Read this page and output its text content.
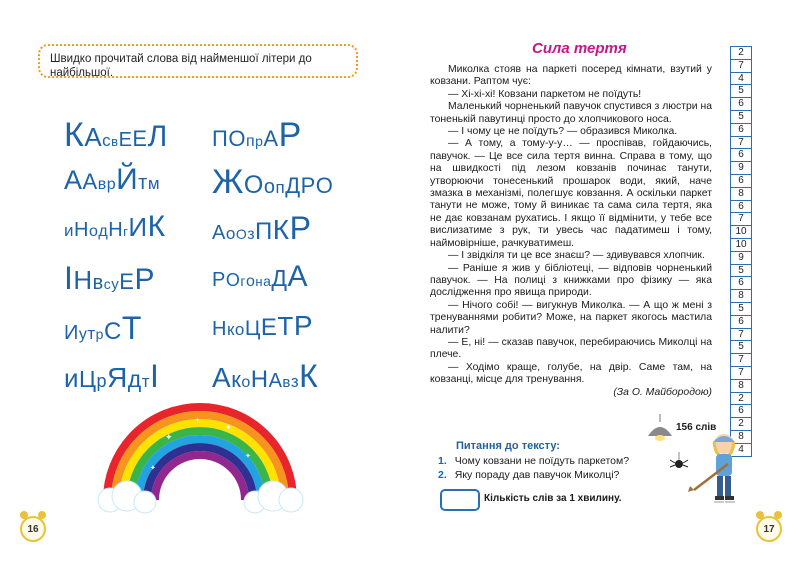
Швидко прочитай слова від найменшої літери до найбільшої.
К А с в Е Е Л
А А в р Й т м
и Н о д Н г И К
І Н в с у Е Р
И у т р С Т
и Ц р Я д т І
П О п р А Р
Ж О о п Д Р О
А о О з П К Р
Р О г о н а Д А
Н к о Ц Е Т Р
А к о Н А в з К
✦
✦
✦
✦
✦
16
Сила тертя

Миколка стояв на паркеті посеред кімнати, взутий у ковзани. Раптом чує:

— Хі-хі-хі! Ковзани паркетом не поїдуть!

Маленький чорненький павучок спустився з люстри на тоненькій павутинці просто до хлопчикового носа.

— І чому це не поїдуть? — образився Миколка.

— А тому, а тому-у-у… — проспівав, гойдаючись, павучок. — Це все сила тертя винна. Справа в тому, що на швидкості під лезом ковзанів починає танути, утворюючи тонесенький прошарок води, який, наче змазка в механізмі, полегшує ковзання. А оскільки паркет танути не може, тому й виникає та сама сила тертя, яка не дає ковзанам рухатись. І якщо її відмінити, у тебе все вислизатиме з рук, ти увесь час падатимеш і тому, наймовірніше, рачкуватимеш.

— І звідкіля ти це все знаєш? — здивувався хлопчик.

— Раніше я жив у бібліотеці, — відповів чорненький павучок. — На полиці з книжками про фізику — яка дослідження про явища природи.

— Нічого собі! — вигукнув Миколка. — А що ж мені з тренуваннями робити? Може, на паркет якогось мастила налити?

— Е, ні! — сказав павучок, перебираючись Миколці на плече.

— Ходімо краще, голубе, на двір. Саме там, на ковзанці, місце для тренування.

(За О. Майбородою)

2
7
4
5
6
5
6
7
6
9
6
8
6
7
10
10
9
5
6
8
5
6
7
5
7
7
8
2
6
2
8
4
156 слів
Питання до тексту:
1. Чому ковзани не поїдуть паркетом?
2. Яку пораду дав павучок Миколці?
Кількість слів за 1 хвилину.
17
